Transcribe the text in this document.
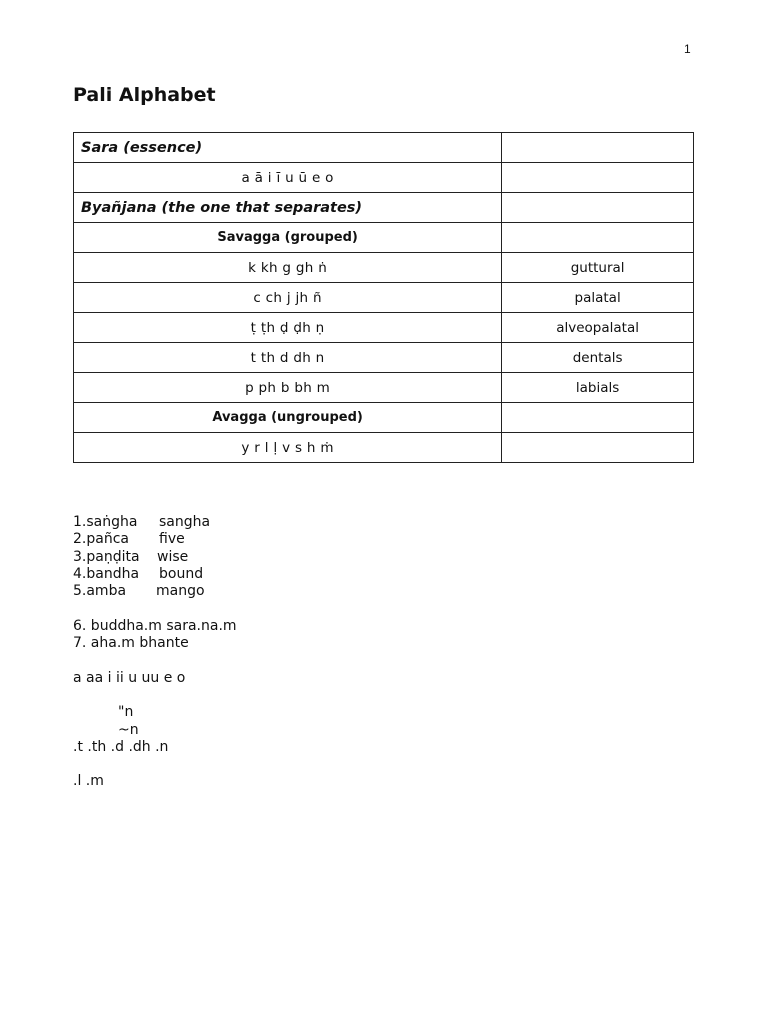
1
Pali Alphabet
Sara (essence)	
a ā i ī u ū e o	
Byañjana (the one that separates)	
Savagga (grouped)	
k kh g gh ṅ	guttural
c ch j jh ñ	palatal
ṭ ṭh ḍ ḍh ṇ	alveopalatal
t th d dh n	dentals
p ph b bh m	labials
Avagga (ungrouped)	
y r l ḷ v s h ṁ	
1.saṅgha sangha
2.pañca five
3.paṇḍita wise
4.bandha bound
5.amba mango
6. buddha.m sara.na.m
7. aha.m bhante
a aa i ii u uu e o
"n
~n
.t .th .d .dh .n
.l .m
